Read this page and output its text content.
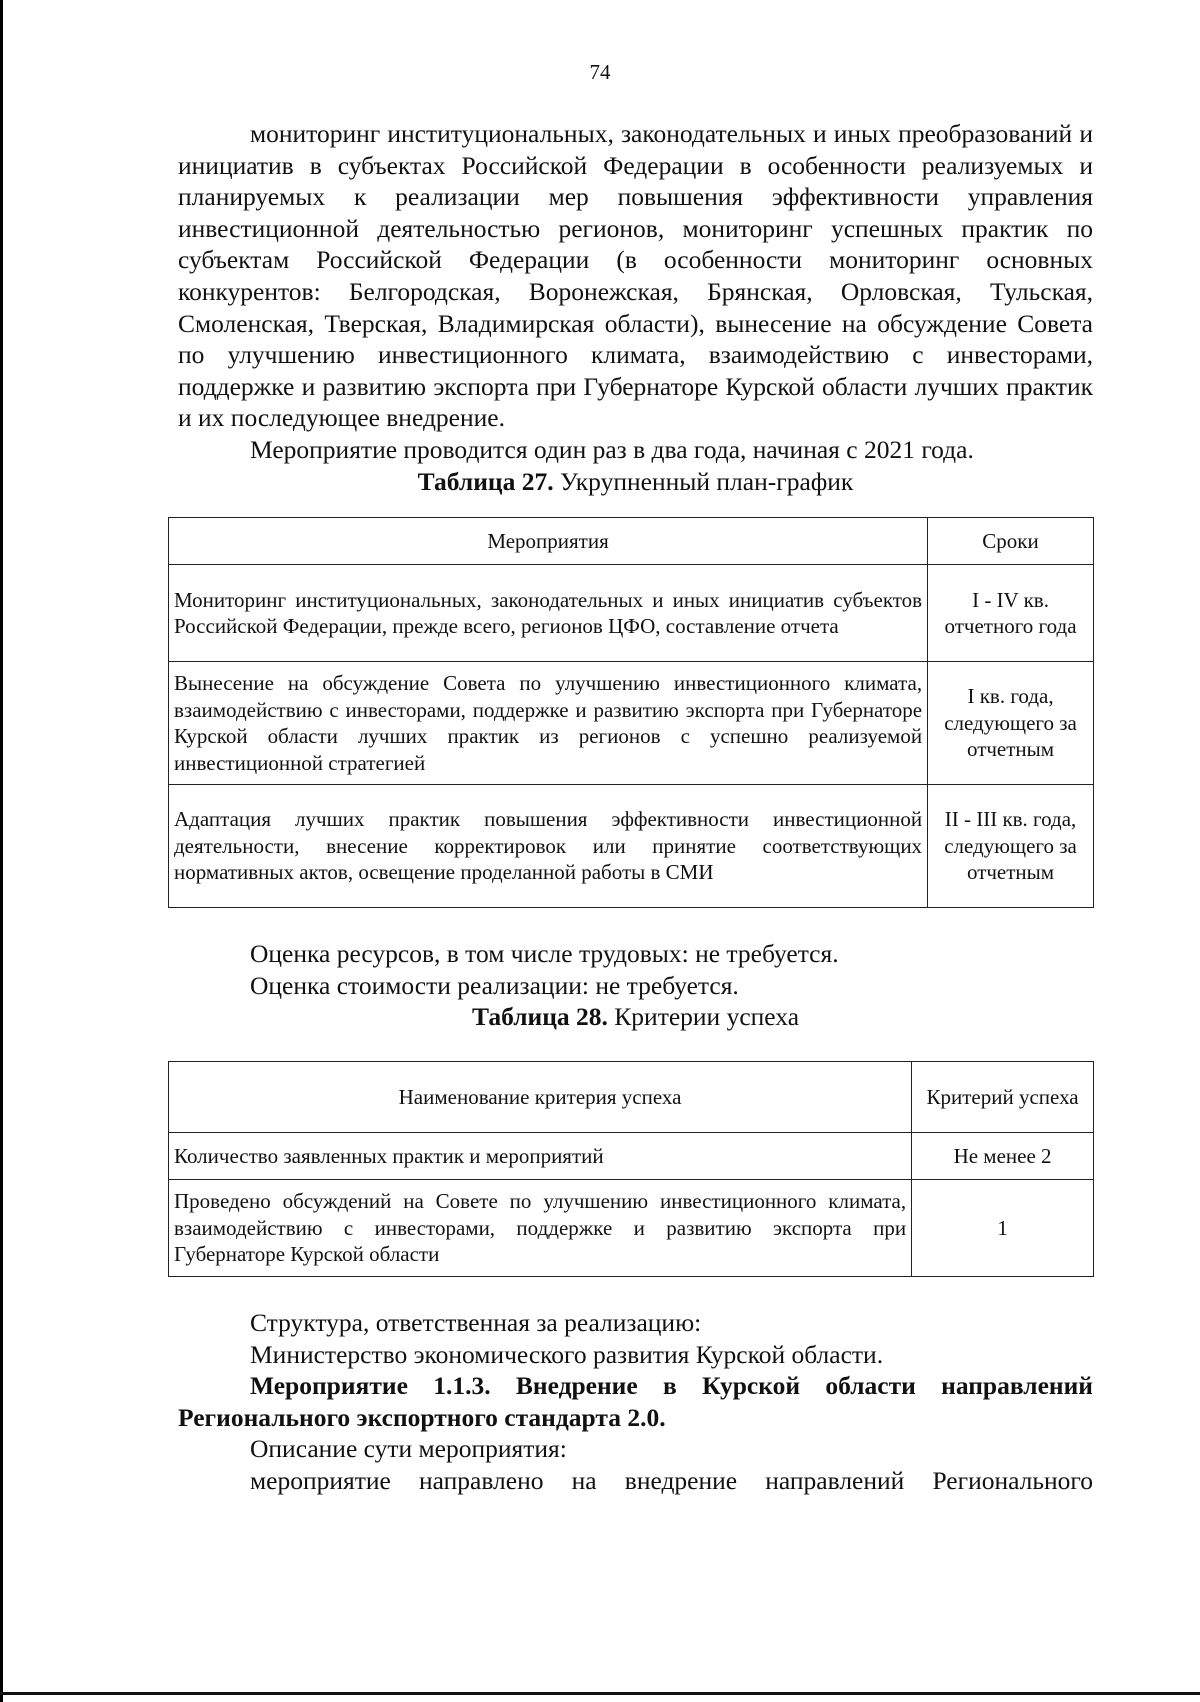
74

мониторинг институциональных, законодательных и иных преобразований и инициатив в субъектах Российской Федерации в особенности реализуемых и планируемых к реализации мер повышения эффективности управления инвестиционной деятельностью регионов, мониторинг успешных практик по субъектам Российской Федерации (в особенности мониторинг основных конкурентов: Белгородская, Воронежская, Брянская, Орловская, Тульская, Смоленская, Тверская, Владимирская области), вынесение на обсуждение Совета по улучшению инвестиционного климата, взаимодействию с инвесторами, поддержке и развитию экспорта при Губернаторе Курской области лучших практик и их последующее внедрение.

Мероприятие проводится один раз в два года, начиная с 2021 года.

Таблица 27. Укрупненный план-график

Мероприятия	Сроки
Мониторинг институциональных, законодательных и иных инициатив субъектов Российской Федерации, прежде всего, регионов ЦФО, составление отчета	I - IV кв. отчетного года
Вынесение на обсуждение Совета по улучшению инвестиционного климата, взаимодействию с инвесторами, поддержке и развитию экспорта при Губернаторе Курской области лучших практик из регионов с успешно реализуемой инвестиционной стратегией	I кв. года, следующего за отчетным
Адаптация лучших практик повышения эффективности инвестиционной деятельности, внесение корректировок или принятие соответствующих нормативных актов, освещение проделанной работы в СМИ	II - III кв. года, следующего за отчетным

Оценка ресурсов, в том числе трудовых: не требуется.

Оценка стоимости реализации: не требуется.

Таблица 28. Критерии успеха

Наименование критерия успеха	Критерий успеха
Количество заявленных практик и мероприятий	Не менее 2
Проведено обсуждений на Совете по улучшению инвестиционного климата, взаимодействию с инвесторами, поддержке и развитию экспорта при Губернаторе Курской области	1

Структура, ответственная за реализацию:

Министерство экономического развития Курской области.

Мероприятие 1.1.3. Внедрение в Курской области направлений Регионального экспортного стандарта 2.0.

Описание сути мероприятия:

мероприятие направлено на внедрение направлений Регионального
